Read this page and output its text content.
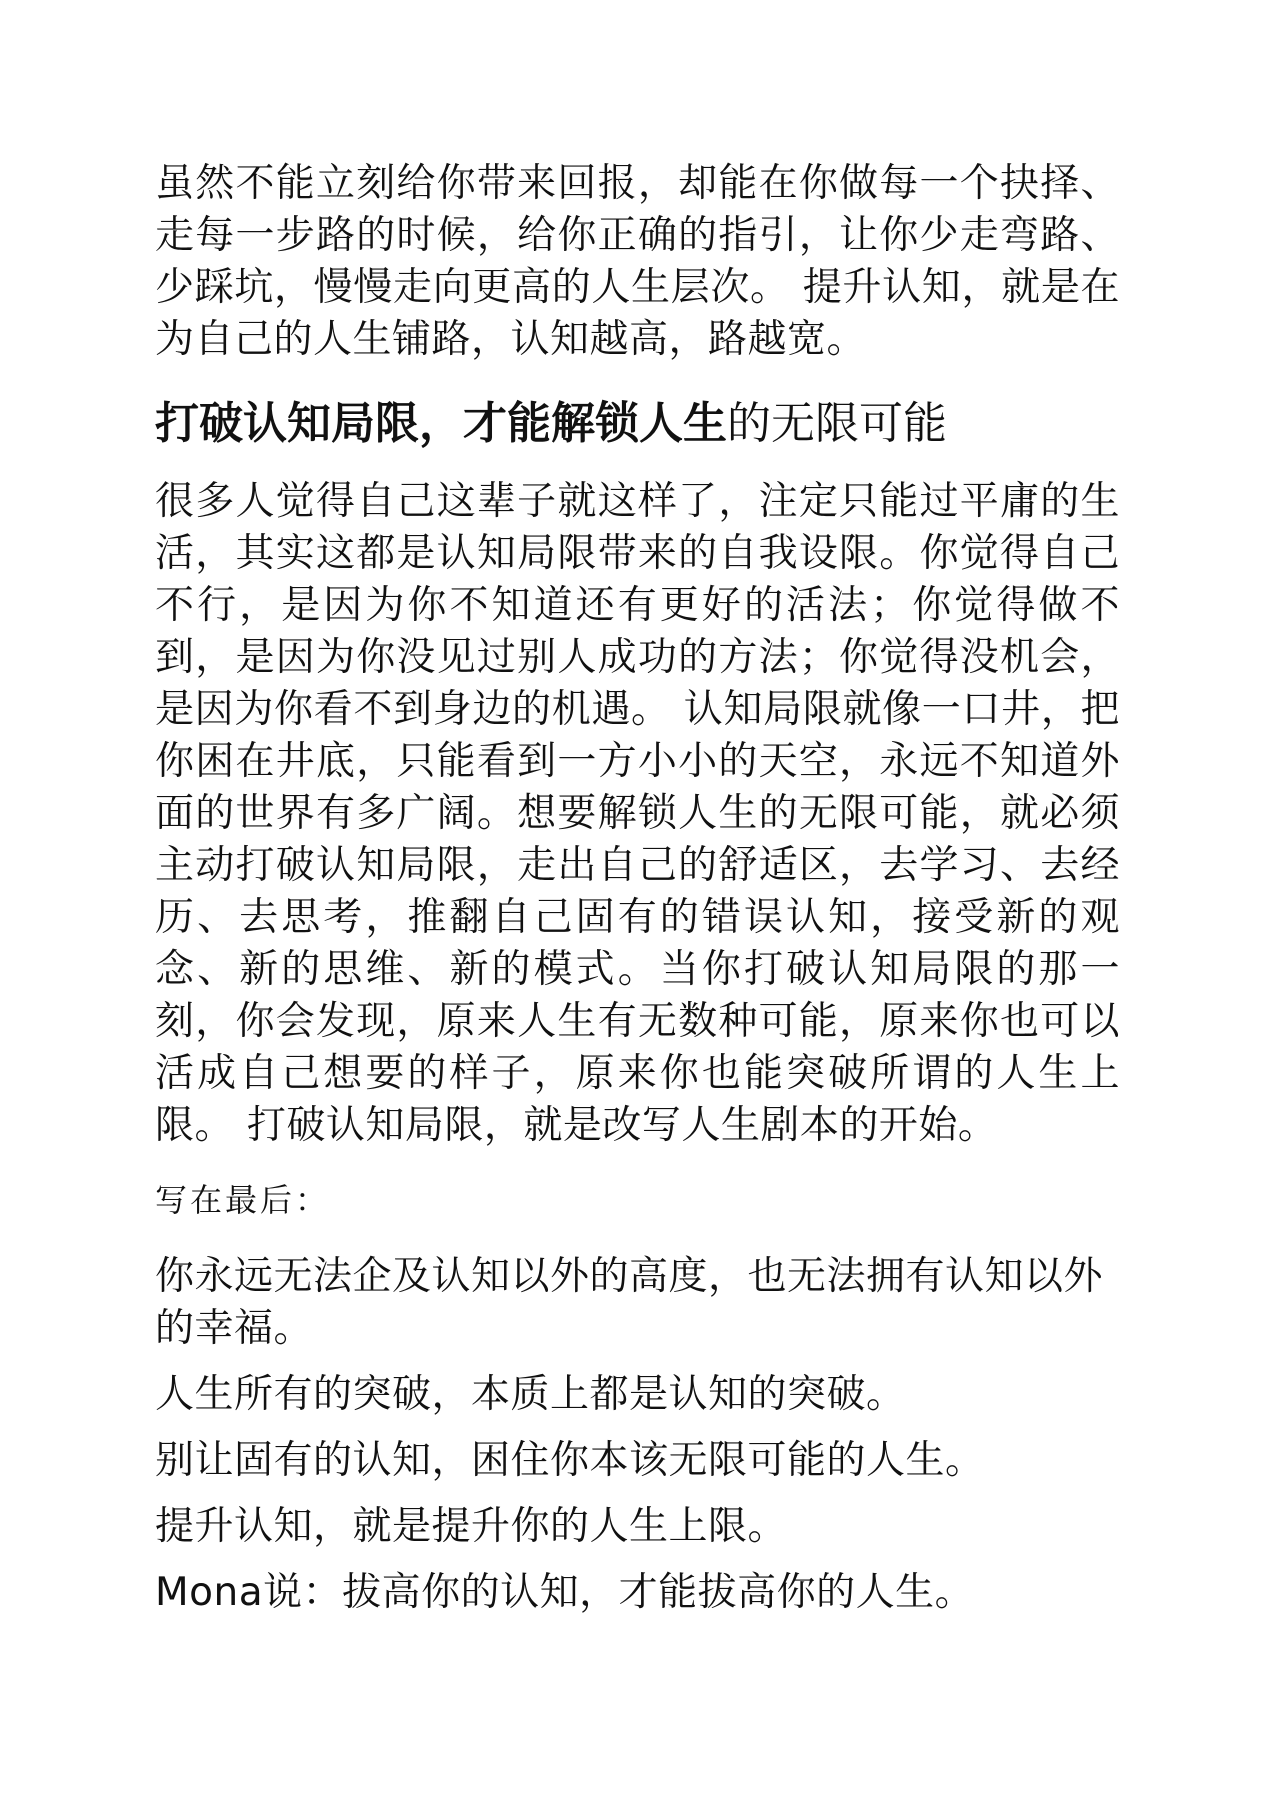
虽然不能立刻给你带来回报，却能在你做每一个抉择、走每一步路的时候，给你正确的指引，让你少走弯路、少踩坑，慢慢走向更高的人生层次。 提升认知，就是在为自己的人生铺路，认知越高，路越宽。

打破认知局限，才能解锁人生的无限可能

很多人觉得自己这辈子就这样了，注定只能过平庸的生活，其实这都是认知局限带来的自我设限。你觉得自己不行，是因为你不知道还有更好的活法；你觉得做不到，是因为你没见过别人成功的方法；你觉得没机会，是因为你看不到身边的机遇。 认知局限就像一口井，把你困在井底，只能看到一方小小的天空，永远不知道外面的世界有多广阔。想要解锁人生的无限可能，就必须主动打破认知局限，走出自己的舒适区，去学习、去经历、去思考，推翻自己固有的错误认知，接受新的观念、新的思维、新的模式。当你打破认知局限的那一刻，你会发现，原来人生有无数种可能，原来你也可以活成自己想要的样子，原来你也能突破所谓的人生上限。 打破认知局限，就是改写人生剧本的开始。

写在最后：

你永远无法企及认知以外的高度，也无法拥有认知以外的幸福。

人生所有的突破，本质上都是认知的突破。

别让固有的认知，困住你本该无限可能的人生。

提升认知，就是提升你的人生上限。

Mona说：拔高你的认知，才能拔高你的人生。
